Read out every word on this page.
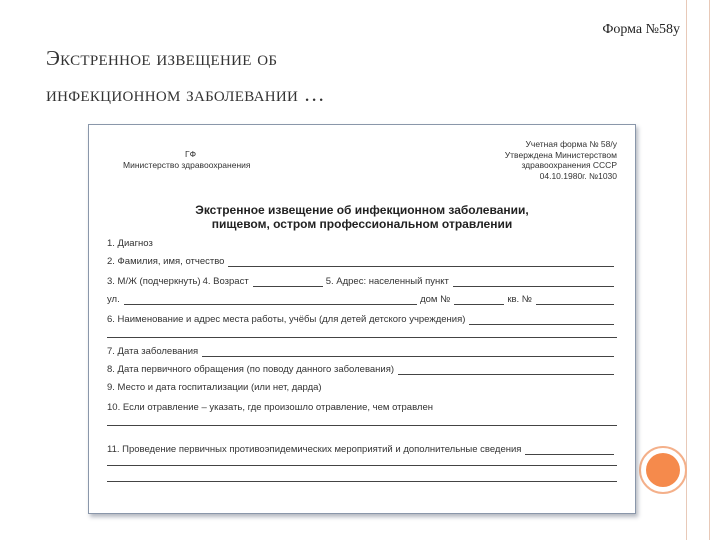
Форма №58у
Экстренное извещение об
инфекционном заболевании …
ГФ
Министерство здравоохранения
Учетная форма № 58/у
Утверждена Министерством
здравоохранения СССР
04.10.1980г. №1030
Экстренное извещение об инфекционном заболевании,
пищевом, остром профессиональном отравлении
1. Диагноз
2. Фамилия, имя, отчество
3. М/Ж (подчеркнуть) 4. Возраст	5. Адрес: населенный пункт
ул.	дом №	кв. №
6. Наименование и адрес места работы, учёбы (для детей детского учреждения)
7. Дата заболевания
8. Дата первичного обращения (по поводу данного заболевания)
9. Место и дата госпитализации (или нет, дарда)
10. Если отравление – указать, где произошло отравление, чем отравлен
11. Проведение первичных противоэпидемических мероприятий и дополнительные сведения
